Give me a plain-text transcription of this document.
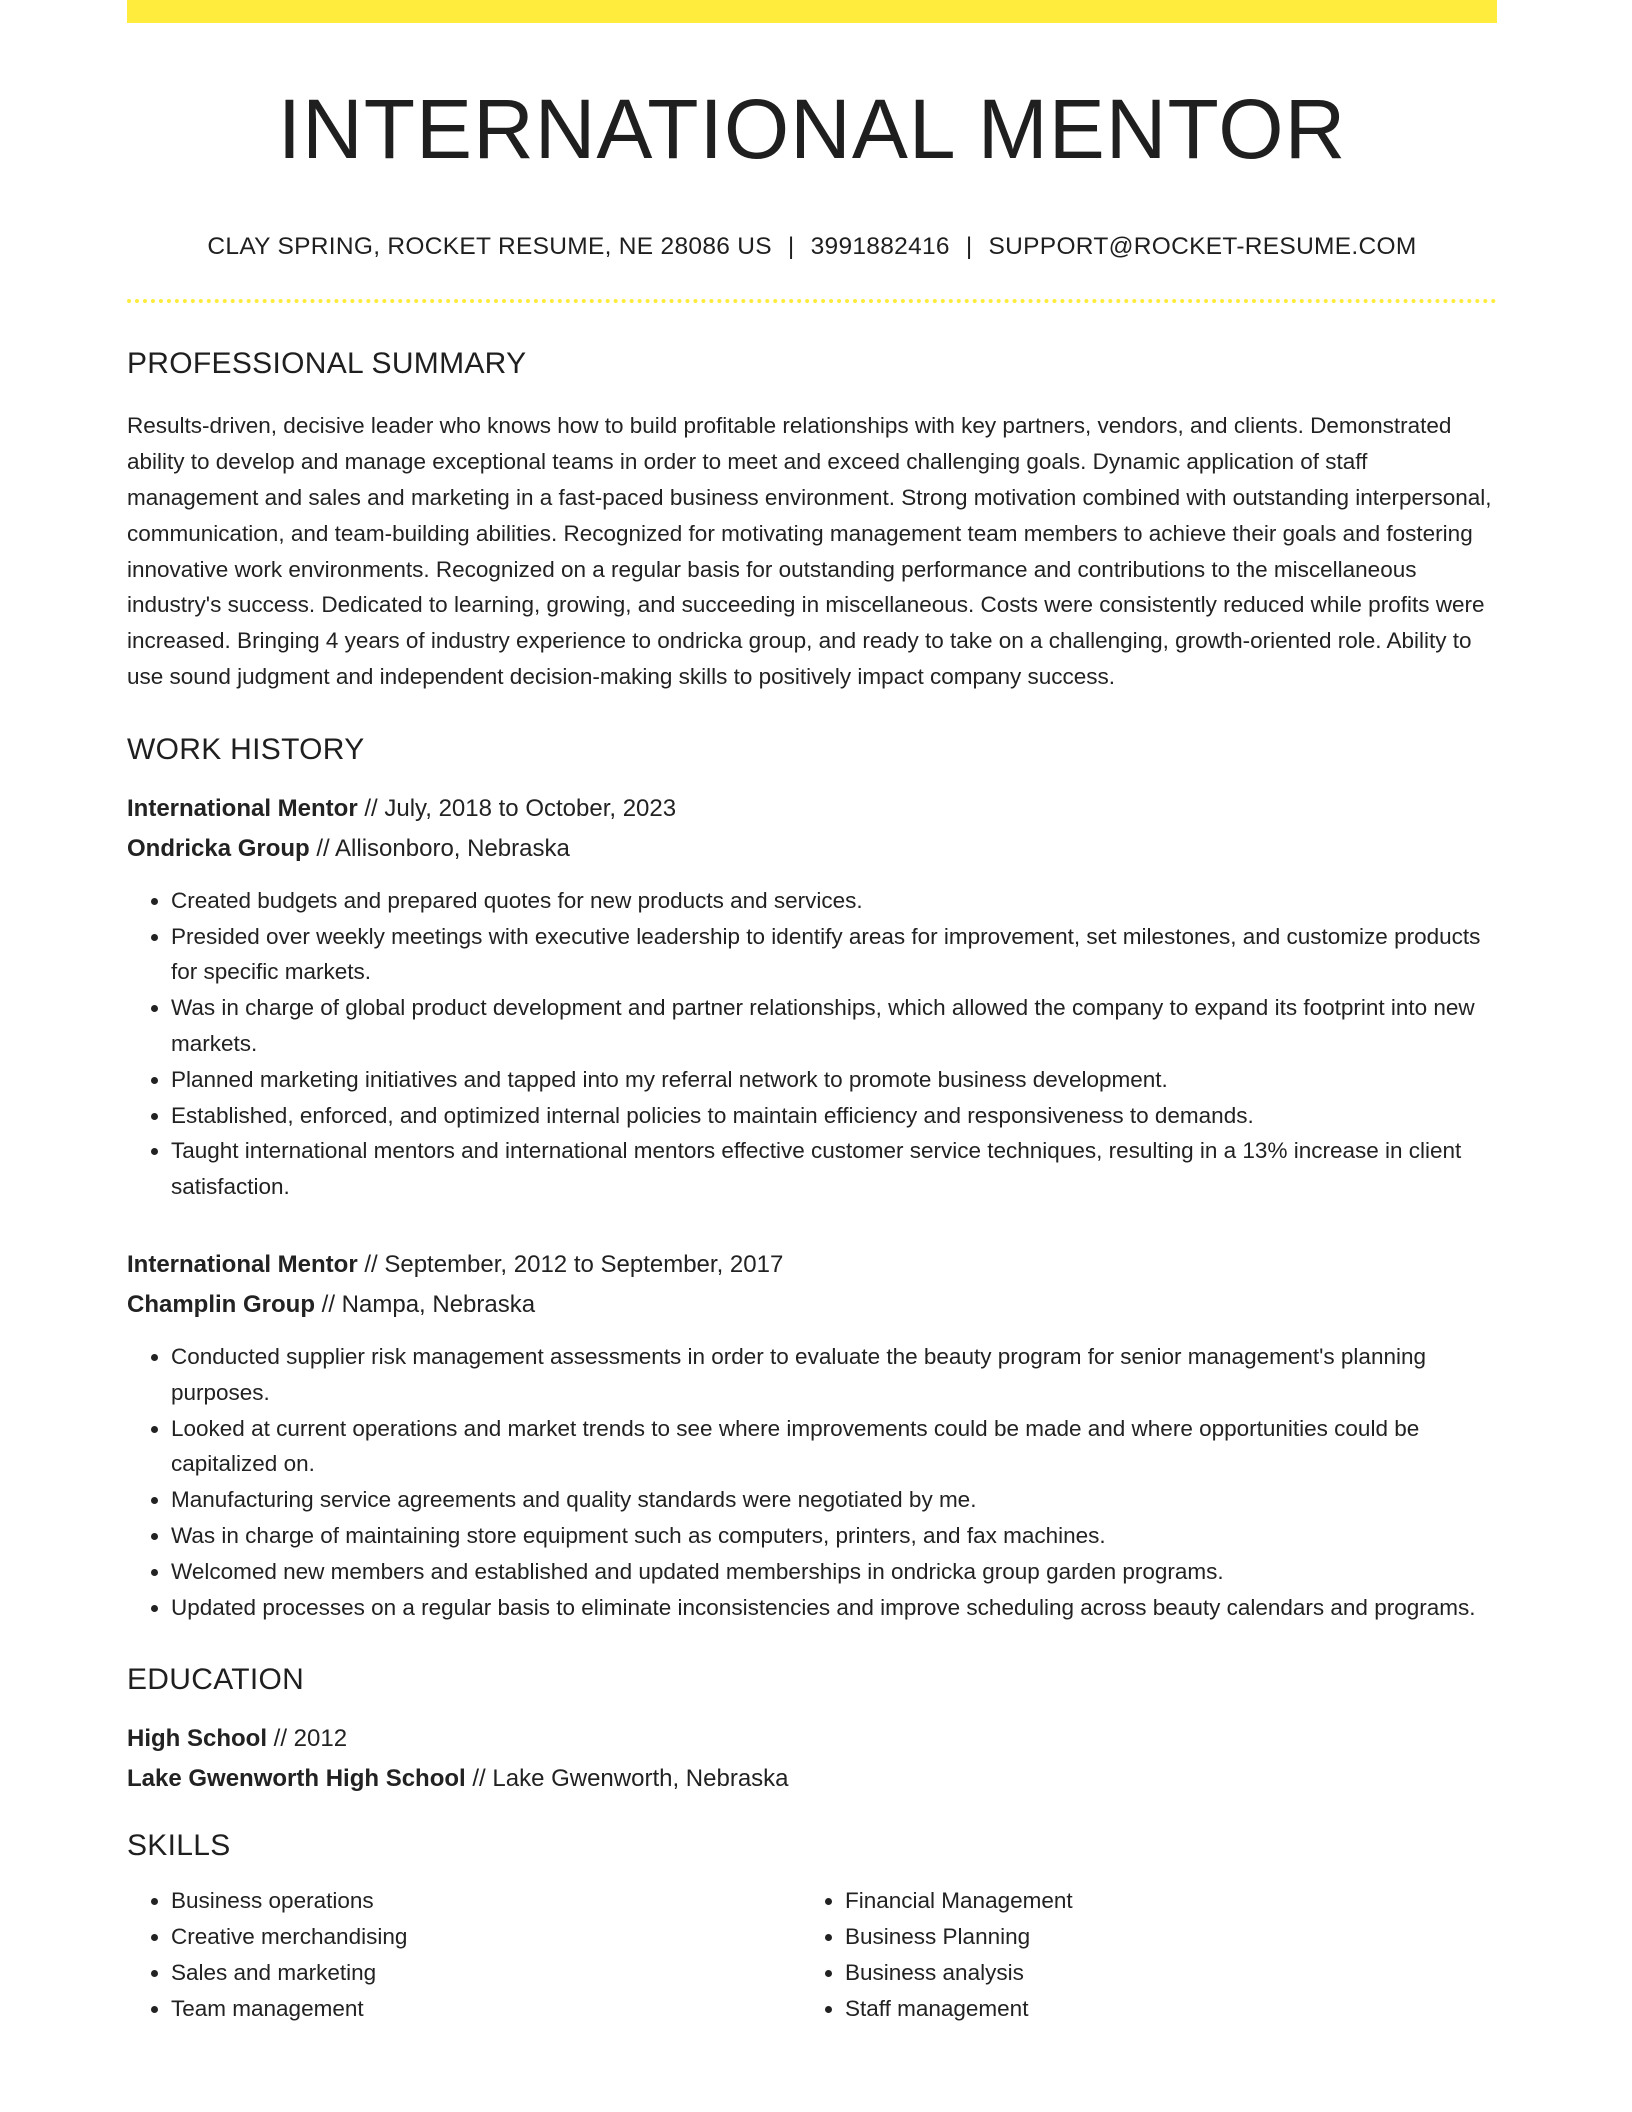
INTERNATIONAL MENTOR
CLAY SPRING, ROCKET RESUME, NE 28086 US | 3991882416 | SUPPORT@ROCKET-RESUME.COM
PROFESSIONAL SUMMARY
Results-driven, decisive leader who knows how to build profitable relationships with key partners, vendors, and clients. Demonstrated ability to develop and manage exceptional teams in order to meet and exceed challenging goals. Dynamic application of staff management and sales and marketing in a fast-paced business environment. Strong motivation combined with outstanding interpersonal, communication, and team-building abilities. Recognized for motivating management team members to achieve their goals and fostering innovative work environments. Recognized on a regular basis for outstanding performance and contributions to the miscellaneous industry's success. Dedicated to learning, growing, and succeeding in miscellaneous. Costs were consistently reduced while profits were increased. Bringing 4 years of industry experience to ondricka group, and ready to take on a challenging, growth-oriented role. Ability to use sound judgment and independent decision-making skills to positively impact company success.
WORK HISTORY
International Mentor // July, 2018 to October, 2023
Ondricka Group // Allisonboro, Nebraska
• Created budgets and prepared quotes for new products and services.
• Presided over weekly meetings with executive leadership to identify areas for improvement, set milestones, and customize products for specific markets.
• Was in charge of global product development and partner relationships, which allowed the company to expand its footprint into new markets.
• Planned marketing initiatives and tapped into my referral network to promote business development.
• Established, enforced, and optimized internal policies to maintain efficiency and responsiveness to demands.
• Taught international mentors and international mentors effective customer service techniques, resulting in a 13% increase in client satisfaction.
International Mentor // September, 2012 to September, 2017
Champlin Group // Nampa, Nebraska
• Conducted supplier risk management assessments in order to evaluate the beauty program for senior management's planning purposes.
• Looked at current operations and market trends to see where improvements could be made and where opportunities could be capitalized on.
• Manufacturing service agreements and quality standards were negotiated by me.
• Was in charge of maintaining store equipment such as computers, printers, and fax machines.
• Welcomed new members and established and updated memberships in ondricka group garden programs.
• Updated processes on a regular basis to eliminate inconsistencies and improve scheduling across beauty calendars and programs.
EDUCATION
High School // 2012
Lake Gwenworth High School // Lake Gwenworth, Nebraska
SKILLS
• Business operations
• Creative merchandising
• Sales and marketing
• Team management
• Financial Management
• Business Planning
• Business analysis
• Staff management
